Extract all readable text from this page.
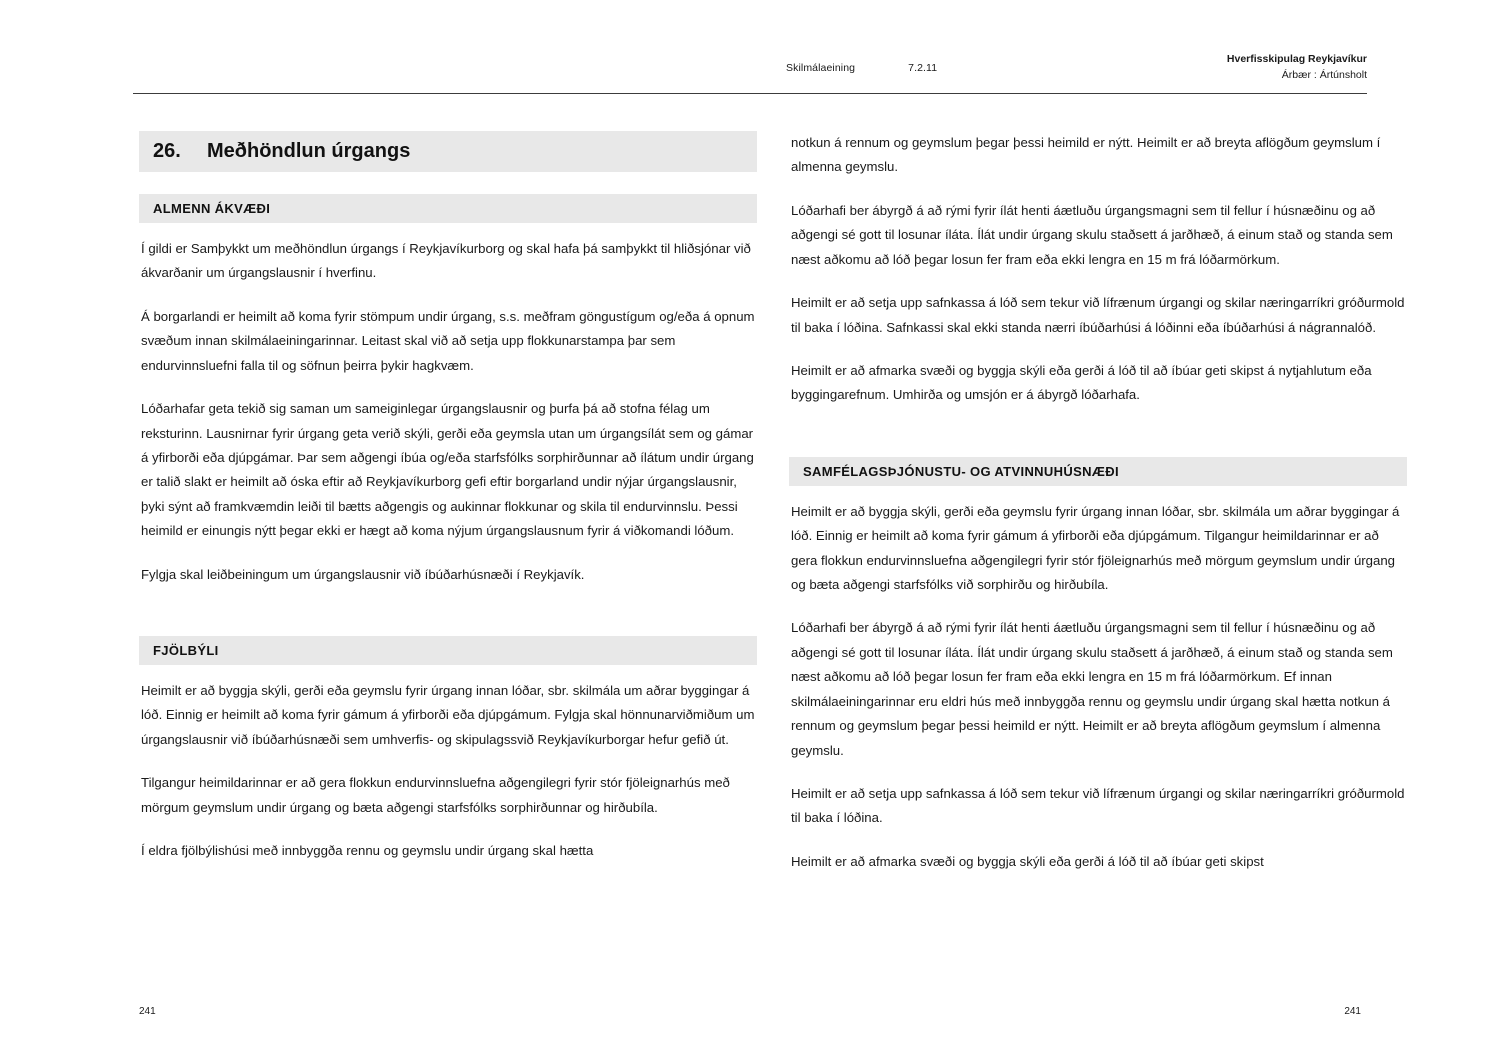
Skilmálaeining	7.2.11
Hverfisskipulag Reykjavíkur
Árbær : Ártúnsholt
26.	Meðhöndlun úrgangs
ALMENN ÁKVÆÐI

Í gildi er Samþykkt um meðhöndlun úrgangs í Reykjavíkurborg og skal hafa þá samþykkt til hliðsjónar við ákvarðanir um úrgangslausnir í hverfinu.

Á borgarlandi er heimilt að koma fyrir stömpum undir úrgang, s.s. meðfram göngustígum og/eða á opnum svæðum innan skilmálaeiningarinnar. Leitast skal við að setja upp flokkunarstampa þar sem endurvinnsluefni falla til og söfnun þeirra þykir hagkvæm.

Lóðarhafar geta tekið sig saman um sameiginlegar úrgangslausnir og þurfa þá að stofna félag um reksturinn. Lausnirnar fyrir úrgang geta verið skýli, gerði eða geymsla utan um úrgangsílát sem og gámar á yfirborði eða djúpgámar. Þar sem aðgengi íbúa og/eða starfsfólks sorphirðunnar að ílátum undir úrgang er talið slakt er heimilt að óska eftir að Reykjavíkurborg gefi eftir borgarland undir nýjar úrgangslausnir, þyki sýnt að framkvæmdin leiði til bætts aðgengis og aukinnar flokkunar og skila til endurvinnslu. Þessi heimild er einungis nýtt þegar ekki er hægt að koma nýjum úrgangslausnum fyrir á viðkomandi lóðum.

Fylgja skal leiðbeiningum um úrgangslausnir við íbúðarhúsnæði í Reykjavík.

FJÖLBÝLI

Heimilt er að byggja skýli, gerði eða geymslu fyrir úrgang innan lóðar, sbr. skilmála um aðrar byggingar á lóð. Einnig er heimilt að koma fyrir gámum á yfirborði eða djúpgámum. Fylgja skal hönnunarviðmiðum um úrgangslausnir við íbúðarhúsnæði sem umhverfis- og skipulagssvið Reykjavíkurborgar hefur gefið út.

Tilgangur heimildarinnar er að gera flokkun endurvinnsluefna aðgengilegri fyrir stór fjöleignarhús með mörgum geymslum undir úrgang og bæta aðgengi starfsfólks sorphirðunnar og hirðubíla.

Í eldra fjölbýlishúsi með innbyggða rennu og geymslu undir úrgang skal hætta

notkun á rennum og geymslum þegar þessi heimild er nýtt. Heimilt er að breyta aflögðum geymslum í almenna geymslu.

Lóðarhafi ber ábyrgð á að rými fyrir ílát henti áætluðu úrgangsmagni sem til fellur í húsnæðinu og að aðgengi sé gott til losunar íláta. Ílát undir úrgang skulu staðsett á jarðhæð, á einum stað og standa sem næst aðkomu að lóð þegar losun fer fram eða ekki lengra en 15 m frá lóðarmörkum.

Heimilt er að setja upp safnkassa á lóð sem tekur við lífrænum úrgangi og skilar næringarríkri gróðurmold til baka í lóðina. Safnkassi skal ekki standa nærri íbúðarhúsi á lóðinni eða íbúðarhúsi á nágrannalóð.

Heimilt er að afmarka svæði og byggja skýli eða gerði á lóð til að íbúar geti skipst á nytjahlutum eða byggingarefnum. Umhirða og umsjón er á ábyrgð lóðarhafa.

SAMFÉLAGSÞJÓNUSTU- OG ATVINNUHÚSNÆÐI

Heimilt er að byggja skýli, gerði eða geymslu fyrir úrgang innan lóðar, sbr. skilmála um aðrar byggingar á lóð. Einnig er heimilt að koma fyrir gámum á yfirborði eða djúpgámum. Tilgangur heimildarinnar er að gera flokkun endurvinnsluefna aðgengilegri fyrir stór fjöleignarhús með mörgum geymslum undir úrgang og bæta aðgengi starfsfólks við sorphirðu og hirðubíla.

Lóðarhafi ber ábyrgð á að rými fyrir ílát henti áætluðu úrgangsmagni sem til fellur í húsnæðinu og að aðgengi sé gott til losunar íláta. Ílát undir úrgang skulu staðsett á jarðhæð, á einum stað og standa sem næst aðkomu að lóð þegar losun fer fram eða ekki lengra en 15 m frá lóðarmörkum. Ef innan skilmálaeiningarinnar eru eldri hús með innbyggða rennu og geymslu undir úrgang skal hætta notkun á rennum og geymslum þegar þessi heimild er nýtt. Heimilt er að breyta aflögðum geymslum í almenna geymslu.

Heimilt er að setja upp safnkassa á lóð sem tekur við lífrænum úrgangi og skilar næringarríkri gróðurmold til baka í lóðina.

Heimilt er að afmarka svæði og byggja skýli eða gerði á lóð til að íbúar geti skipst

241	241
